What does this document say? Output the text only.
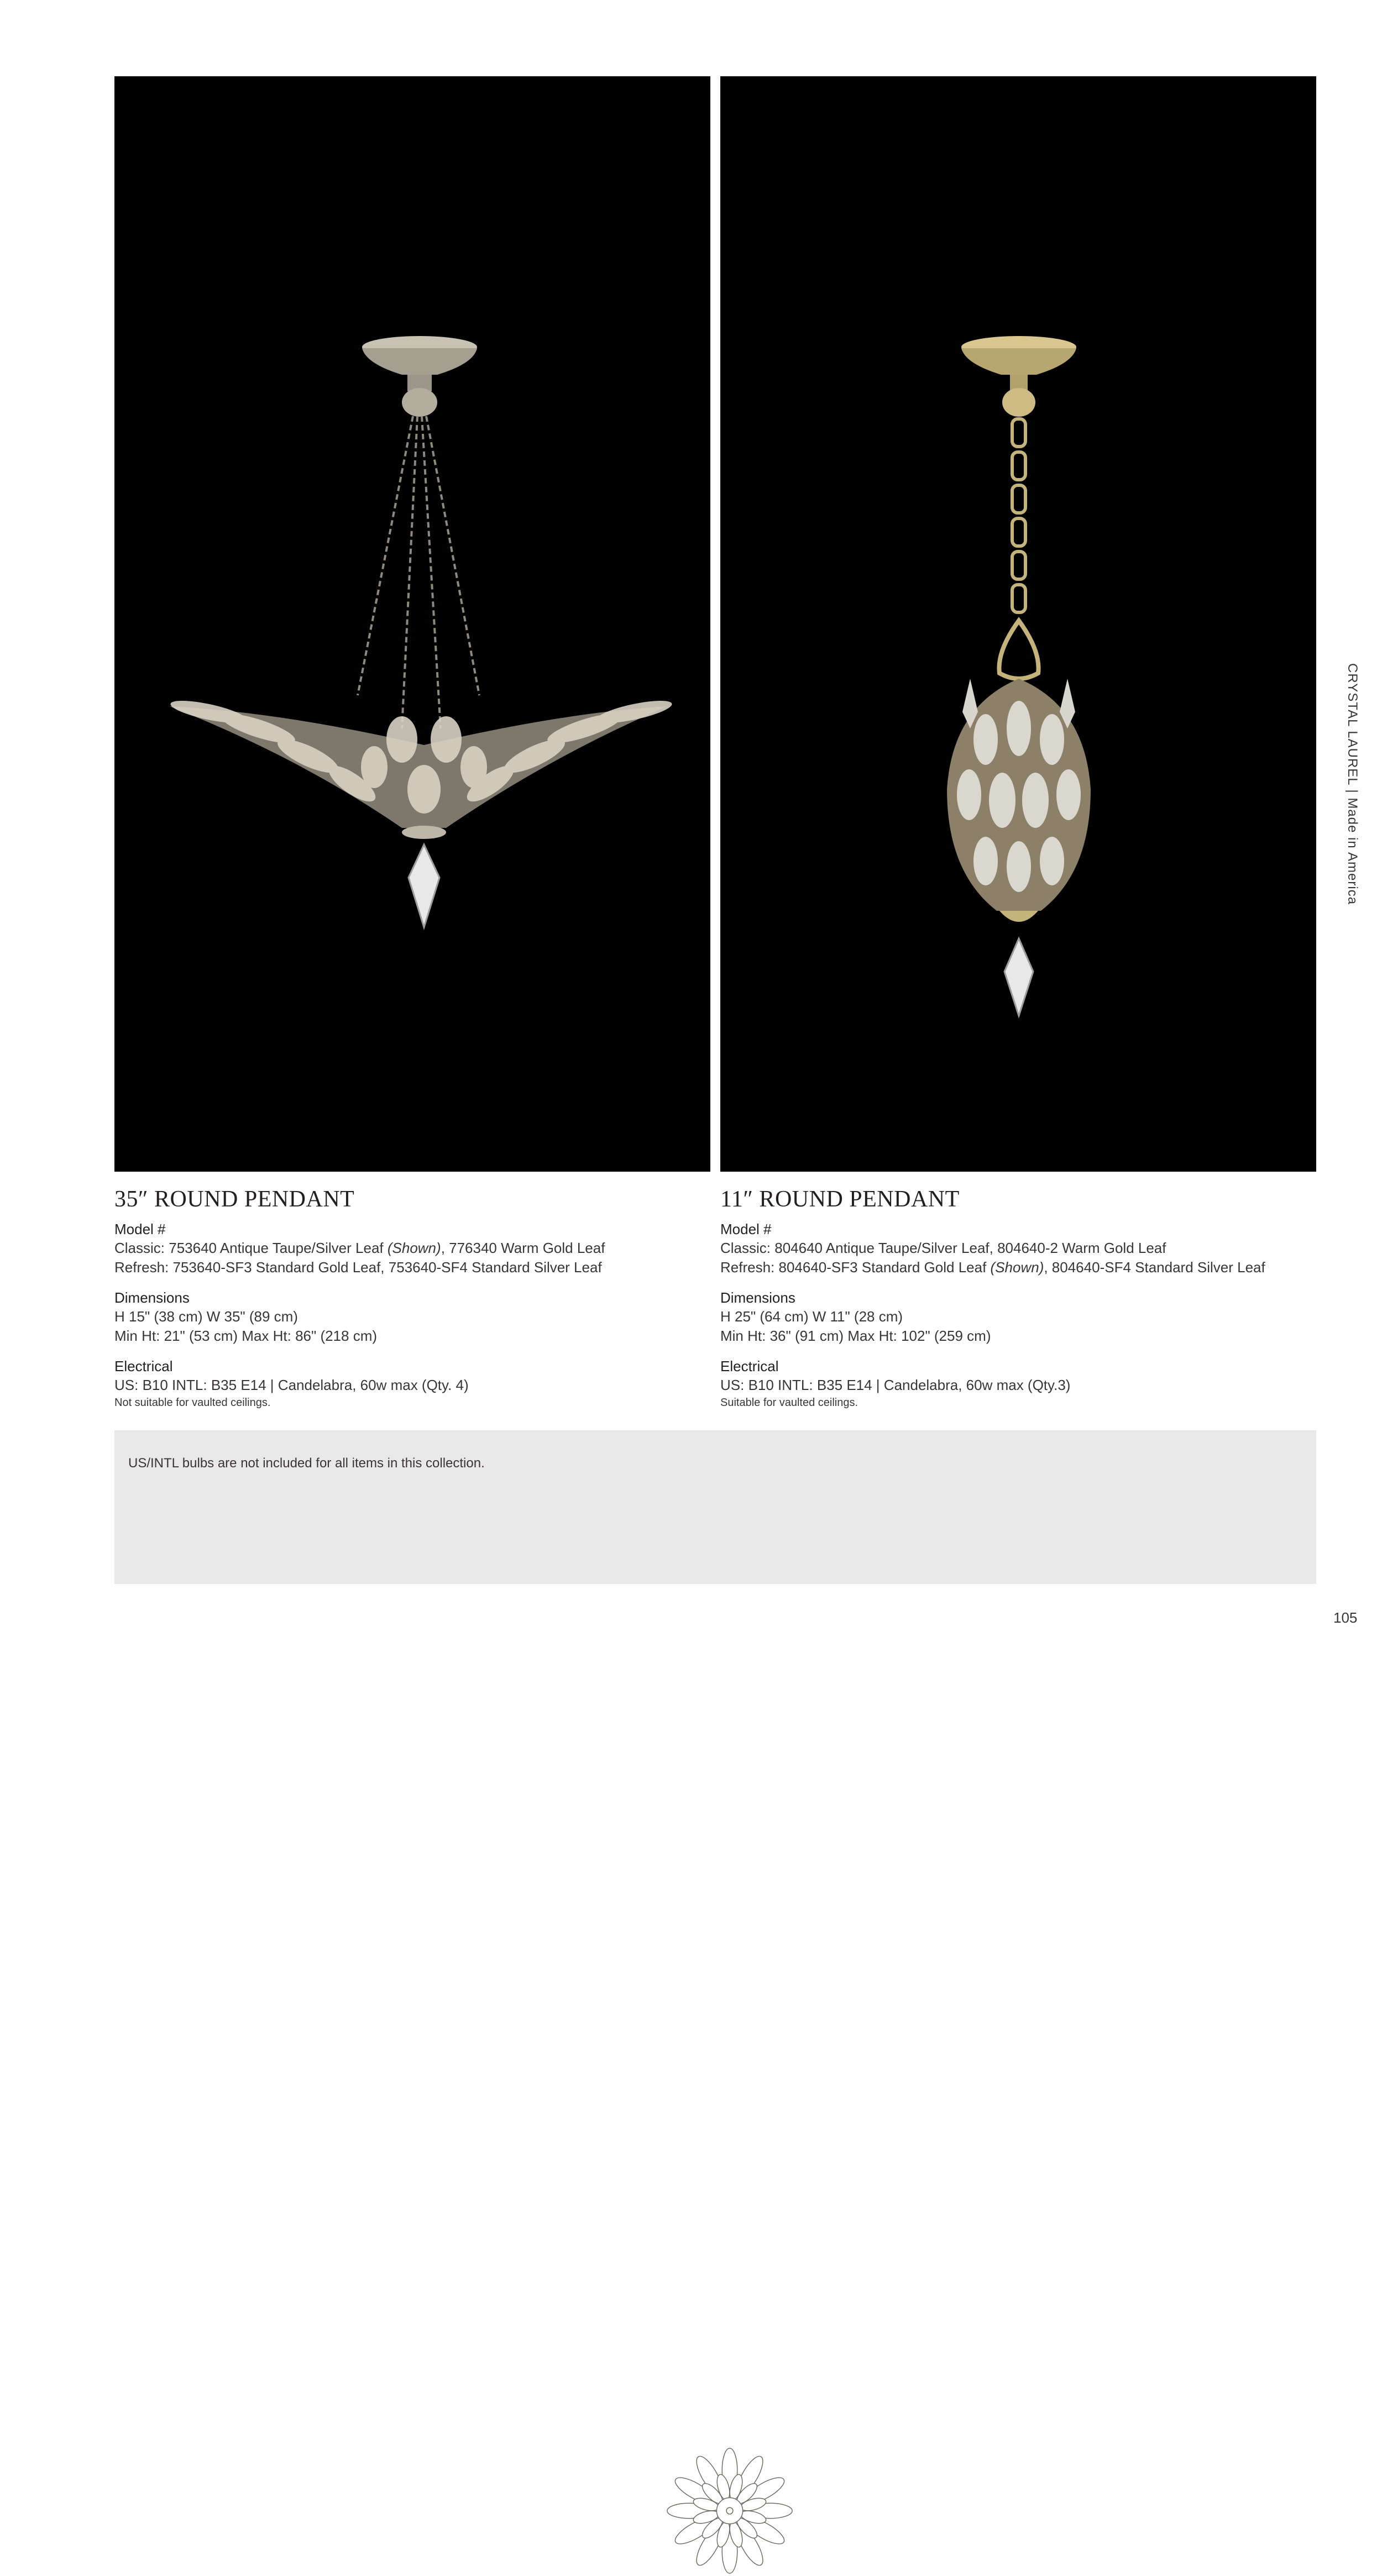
35″ ROUND PENDANT
Model #
Classic: 753640 Antique Taupe/Silver Leaf (Shown), 776340 Warm Gold Leaf
Refresh: 753640-SF3 Standard Gold Leaf, 753640-SF4 Standard Silver Leaf
Dimensions
H 15" (38 cm) W 35" (89 cm)
Min Ht: 21" (53 cm) Max Ht: 86" (218 cm)
Electrical
US: B10 INTL: B35 E14 | Candelabra, 60w max (Qty. 4)
Not suitable for vaulted ceilings.
11″ ROUND PENDANT
Model #
Classic: 804640 Antique Taupe/Silver Leaf, 804640-2 Warm Gold Leaf
Refresh: 804640-SF3 Standard Gold Leaf (Shown), 804640-SF4 Standard Silver Leaf
Dimensions
H 25" (64 cm) W 11" (28 cm)
Min Ht: 36" (91 cm) Max Ht: 102" (259 cm)
Electrical
US: B10 INTL: B35 E14 | Candelabra, 60w max (Qty.3)
Suitable for vaulted ceilings.
CRYSTAL LAUREL | Made in America

US/INTL bulbs are not included for all items in this collection.

105
